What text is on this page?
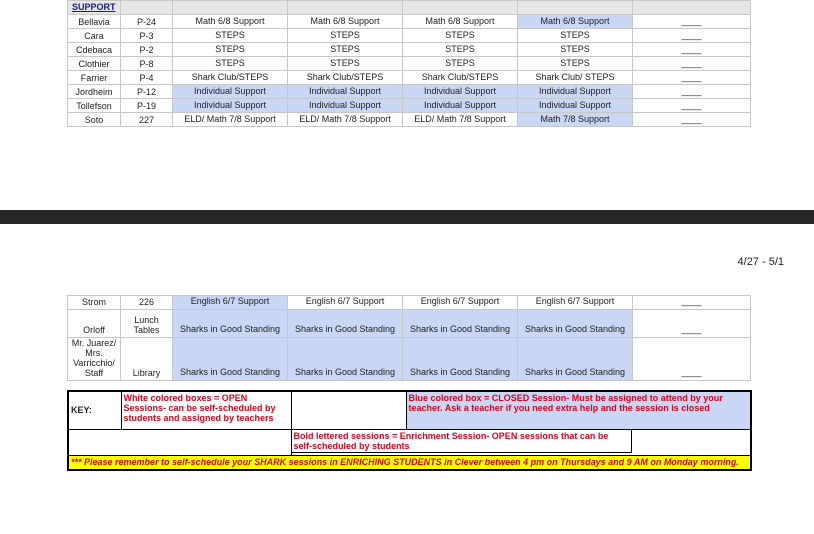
SUPPORT						
Bellavia	P-24	Math 6/8 Support	Math 6/8 Support	Math 6/8 Support	Math 6/8 Support	____
Cara	P-3	STEPS	STEPS	STEPS	STEPS	____
Cdebaca	P-2	STEPS	STEPS	STEPS	STEPS	____
Clothier	P-8	STEPS	STEPS	STEPS	STEPS	____
Farrier	P-4	Shark Club/STEPS	Shark Club/STEPS	Shark Club/STEPS	Shark Club/ STEPS	____
Jordheim	P-12	Individual Support	Individual Support	Individual Support	Individual Support	____
Tollefson	P-19	Individual Support	Individual Support	Individual Support	Individual Support	____
Soto	227	ELD/ Math 7/8 Support	ELD/ Math 7/8 Support	ELD/ Math 7/8 Support	Math 7/8 Support	____
4/27 - 5/1
Strom	226	English 6/7 Support	English 6/7 Support	English 6/7 Support	English 6/7 Support	____
Orloff	Lunch Tables	Sharks in Good Standing	Sharks in Good Standing	Sharks in Good Standing	Sharks in Good Standing	____
Mr. Juarez/ Mrs. Varricchio/ Staff	Library	Sharks in Good Standing	Sharks in Good Standing	Sharks in Good Standing	Sharks in Good Standing	____
KEY:	White colored boxes = OPEN Sessions- can be self-scheduled by students and assigned by teachers		Blue colored box = CLOSED Session- Must be assigned to attend by your teacher. Ask a teacher if you need extra help and the session is closed

		Bold lettered sessions = Enrichment Session- OPEN sessions that can be self-scheduled by students	

*** Please remember to self-schedule your SHARK sessions in ENRICHING STUDENTS in Clever between 4 pm on Thursdays and 9 AM on Monday morning.			
